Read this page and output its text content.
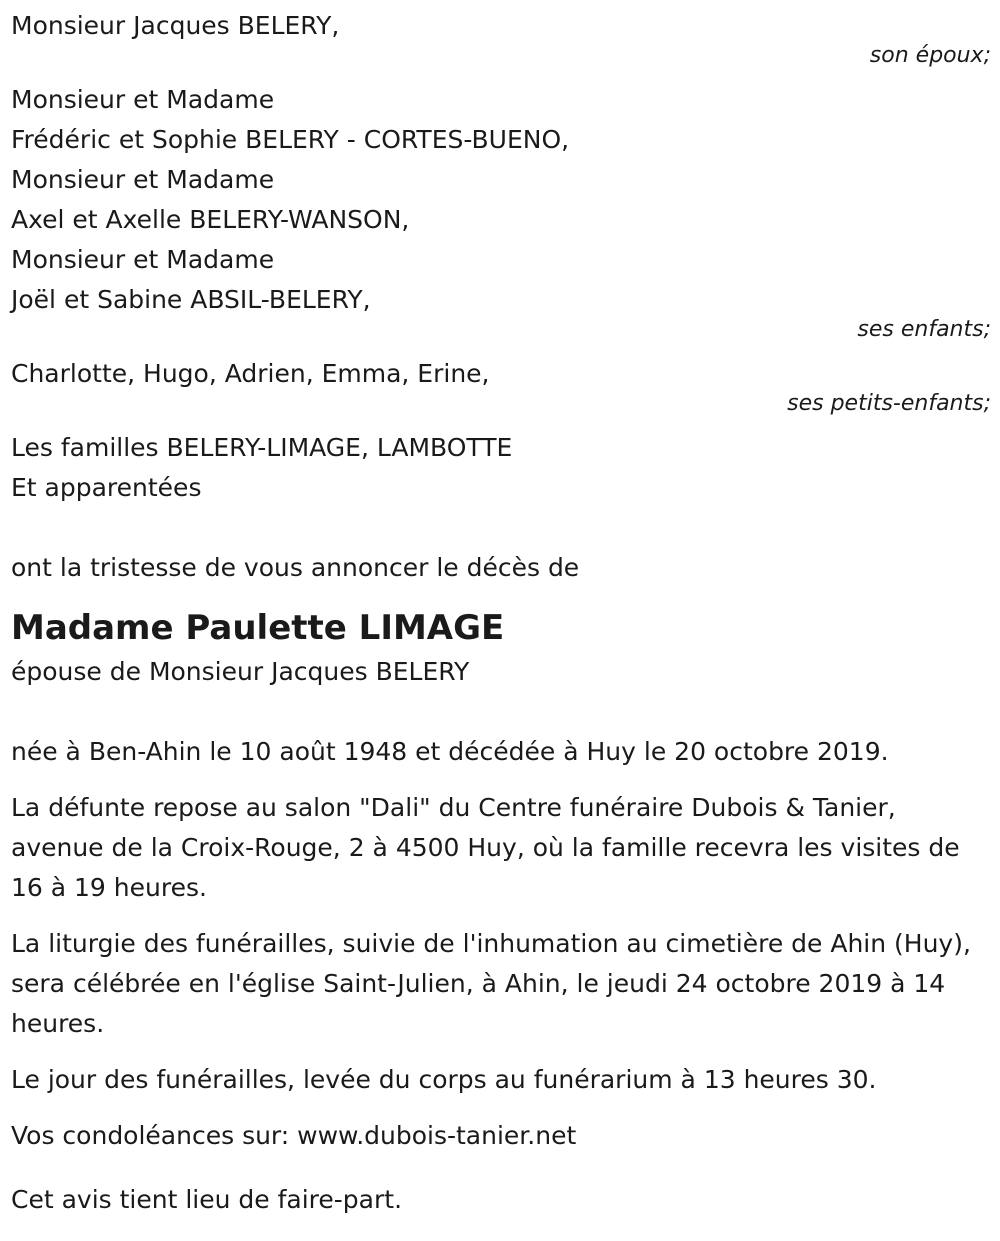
Monsieur Jacques BELERY,
son époux;
Monsieur et Madame
Frédéric et Sophie BELERY - CORTES-BUENO,
Monsieur et Madame
Axel et Axelle BELERY-WANSON,
Monsieur et Madame
Joël et Sabine ABSIL-BELERY,
ses enfants;
Charlotte, Hugo, Adrien, Emma, Erine,
ses petits-enfants;
Les familles BELERY-LIMAGE, LAMBOTTE
Et apparentées
ont la tristesse de vous annoncer le décès de
Madame Paulette LIMAGE
épouse de Monsieur Jacques BELERY
née à Ben-Ahin le 10 août 1948 et décédée à Huy le 20 octobre 2019.
La défunte repose au salon "Dali" du Centre funéraire Dubois & Tanier, avenue de la Croix-Rouge, 2 à 4500 Huy, où la famille recevra les visites de 16 à 19 heures.
La liturgie des funérailles, suivie de l'inhumation au cimetière de Ahin (Huy), sera célébrée en l'église Saint-Julien, à Ahin, le jeudi 24 octobre 2019 à 14 heures.
Le jour des funérailles, levée du corps au funérarium à 13 heures 30.
Vos condoléances sur: www.dubois-tanier.net
Cet avis tient lieu de faire-part.
